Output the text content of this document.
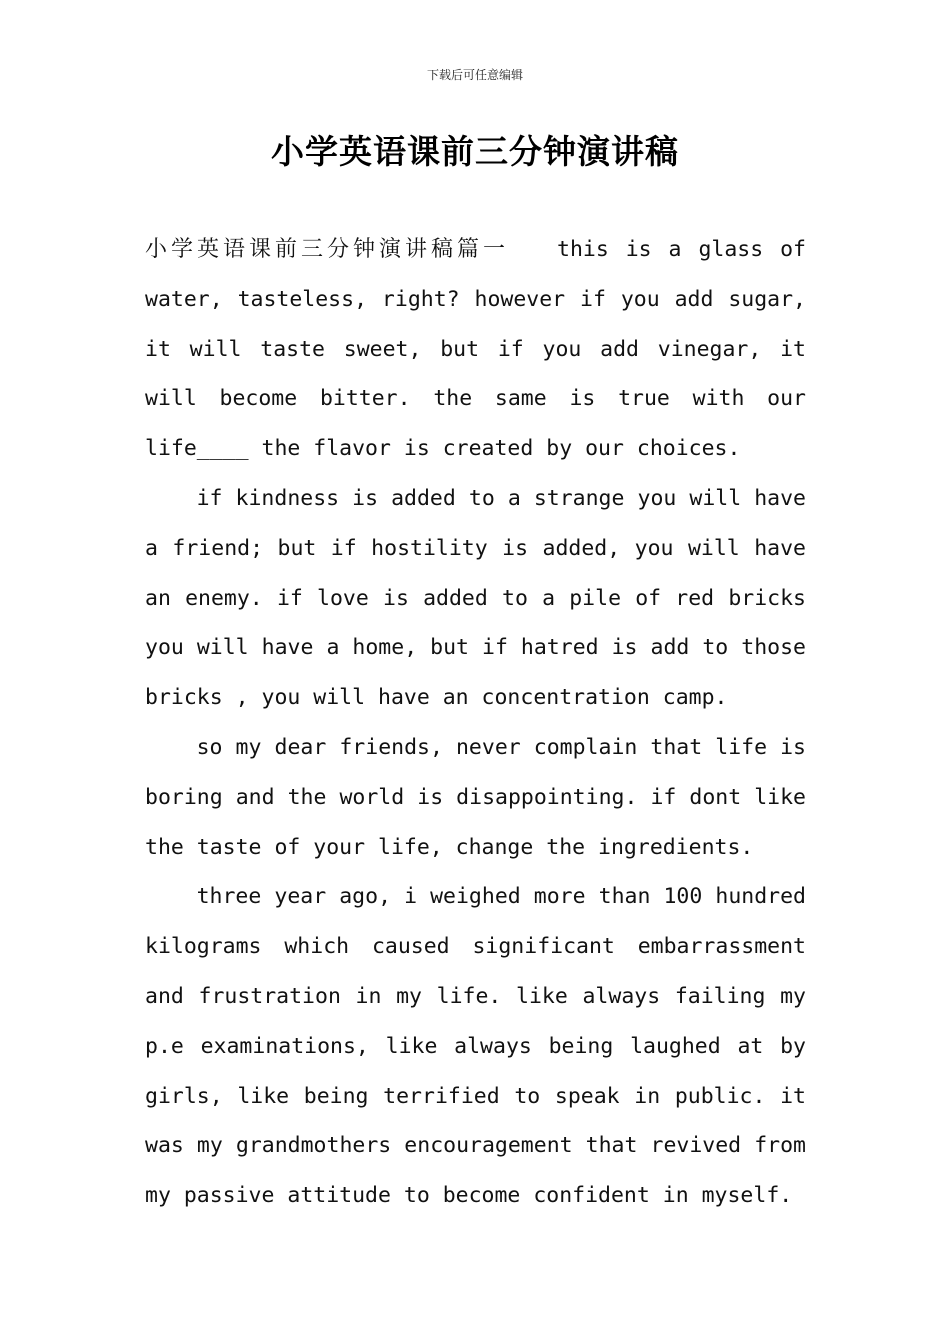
下载后可任意编辑
小学英语课前三分钟演讲稿

小学英语课前三分钟演讲稿篇一 this is a glass of water, tasteless, right? however if you add sugar, it will taste sweet, but if you add vinegar, it will become bitter. the same is true with our life____ the flavor is created by our choices.

if kindness is added to a strange you will have a friend; but if hostility is added, you will have an enemy. if love is added to a pile of red bricks you will have a home, but if hatred is add to those bricks , you will have an concentration camp.

so my dear friends, never complain that life is boring and the world is disappointing. if dont like the taste of your life, change the ingredients.

three year ago, i weighed more than 100 hundred kilograms which caused significant embarrassment and frustration in my life. like always failing my p.e examinations, like always being laughed at by girls, like being terrified to speak in public. it was my grandmothers encouragement that revived from my passive attitude to become confident in myself.
